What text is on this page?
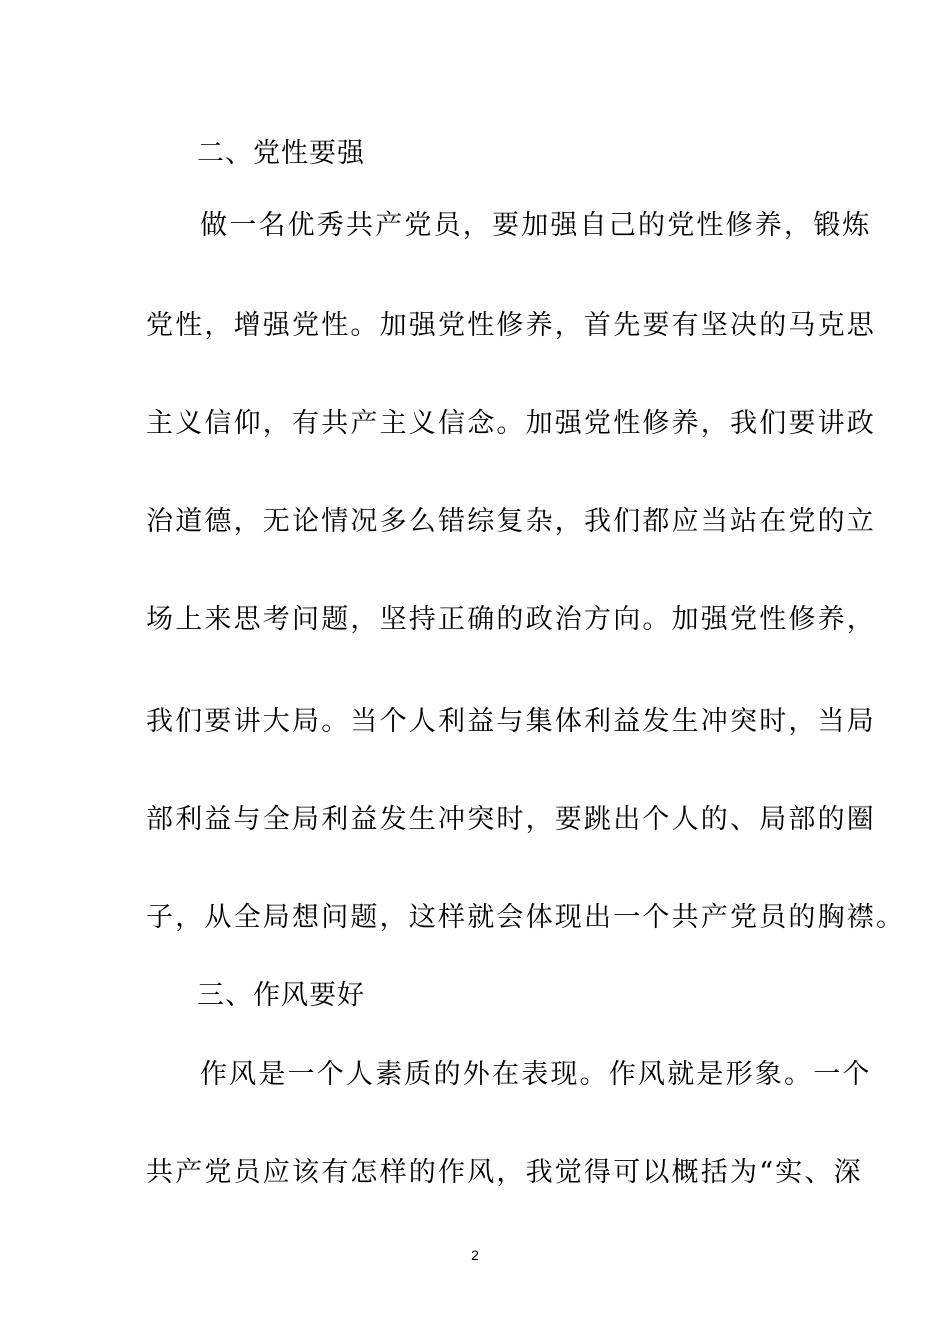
二、党性要强
做一名优秀共产党员，要加强自己的党性修养，锻炼
党性，增强党性。加强党性修养，首先要有坚决的马克思
主义信仰，有共产主义信念。加强党性修养，我们要讲政
治道德，无论情况多么错综复杂，我们都应当站在党的立
场上来思考问题，坚持正确的政治方向。加强党性修养，
我们要讲大局。当个人利益与集体利益发生冲突时，当局
部利益与全局利益发生冲突时，要跳出个人的、局部的圈
子，从全局想问题，这样就会体现出一个共产党员的胸襟。
三、作风要好
作风是一个人素质的外在表现。作风就是形象。一个
共产党员应该有怎样的作风，我觉得可以概括为“实、深
2
